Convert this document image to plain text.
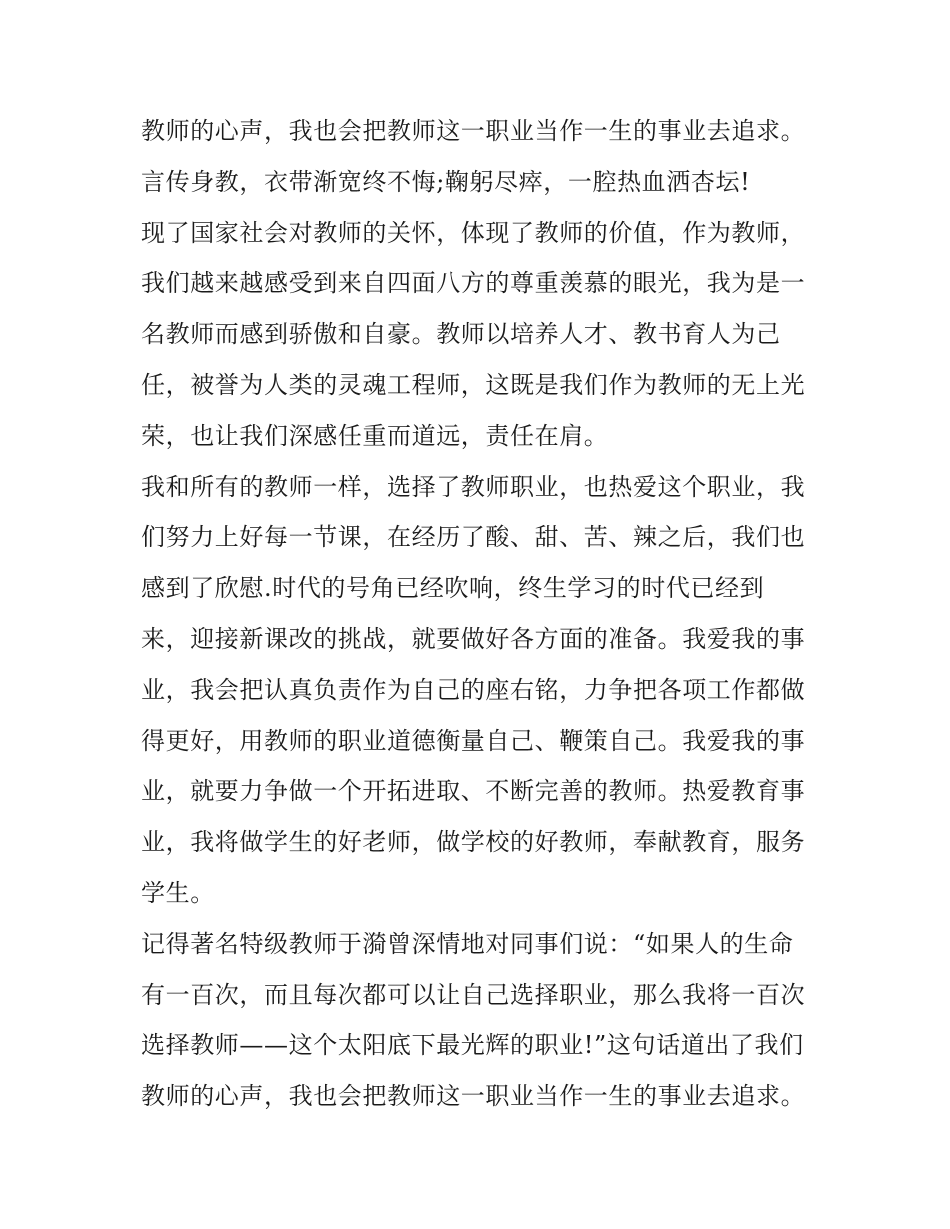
教师的心声，我也会把教师这一职业当作一生的事业去追求。
言传身教，衣带渐宽终不悔;鞠躬尽瘁，一腔热血洒杏坛!
现了国家社会对教师的关怀，体现了教师的价值，作为教师，
我们越来越感受到来自四面八方的尊重羡慕的眼光，我为是一
名教师而感到骄傲和自豪。教师以培养人才、教书育人为己
任，被誉为人类的灵魂工程师，这既是我们作为教师的无上光
荣，也让我们深感任重而道远，责任在肩。
我和所有的教师一样，选择了教师职业，也热爱这个职业，我
们努力上好每一节课，在经历了酸、甜、苦、辣之后，我们也
感到了欣慰.时代的号角已经吹响，终生学习的时代已经到
来，迎接新课改的挑战，就要做好各方面的准备。我爱我的事
业，我会把认真负责作为自己的座右铭，力争把各项工作都做
得更好，用教师的职业道德衡量自己、鞭策自己。我爱我的事
业，就要力争做一个开拓进取、不断完善的教师。热爱教育事
业，我将做学生的好老师，做学校的好教师，奉献教育，服务
学生。
记得著名特级教师于漪曾深情地对同事们说：“如果人的生命
有一百次，而且每次都可以让自己选择职业，那么我将一百次
选择教师——这个太阳底下最光辉的职业!”这句话道出了我们
教师的心声，我也会把教师这一职业当作一生的事业去追求。
